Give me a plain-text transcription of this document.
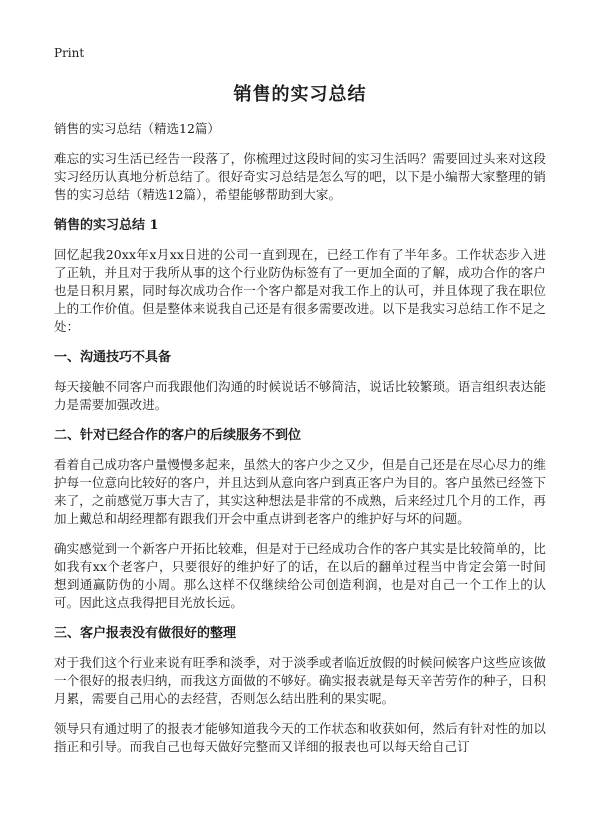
Print
销售的实习总结
销售的实习总结（精选12篇）

难忘的实习生活已经告一段落了，你梳理过这段时间的实习生活吗？需要回过头来对这段实习经历认真地分析总结了。很好奇实习总结是怎么写的吧，以下是小编帮大家整理的销售的实习总结（精选12篇），希望能够帮助到大家。

销售的实习总结 1

回忆起我20xx年x月xx日进的公司一直到现在，已经工作有了半年多。工作状态步入进了正轨，并且对于我所从事的这个行业防伪标签有了一更加全面的了解，成功合作的客户也是日积月累，同时每次成功合作一个客户都是对我工作上的认可，并且体现了我在职位上的工作价值。但是整体来说我自己还是有很多需要改进。以下是我实习总结工作不足之处：

一、沟通技巧不具备

每天接触不同客户而我跟他们沟通的时候说话不够简洁，说话比较繁琐。语言组织表达能力是需要加强改进。

二、针对已经合作的客户的后续服务不到位

看着自己成功客户量慢慢多起来，虽然大的客户少之又少，但是自己还是在尽心尽力的维护每一位意向比较好的客户，并且达到从意向客户到真正客户为目的。客户虽然已经签下来了，之前感觉万事大吉了，其实这种想法是非常的不成熟，后来经过几个月的工作，再加上戴总和胡经理都有跟我们开会中重点讲到老客户的维护好与坏的问题。

确实感觉到一个新客户开拓比较难，但是对于已经成功合作的客户其实是比较简单的，比如我有xx个老客户，只要很好的维护好了的话，在以后的翻单过程当中肯定会第一时间想到通赢防伪的小周。那么这样不仅继续给公司创造利润，也是对自己一个工作上的认可。因此这点我得把目光放长远。

三、客户报表没有做很好的整理

对于我们这个行业来说有旺季和淡季，对于淡季或者临近放假的时候问候客户这些应该做一个很好的报表归纳，而我这方面做的不够好。确实报表就是每天辛苦劳作的种子，日积月累，需要自己用心的去经营，否则怎么结出胜利的果实呢。

领导只有通过明了的报表才能够知道我今天的工作状态和收获如何，然后有针对性的加以指正和引导。而我自己也每天做好完整而又详细的报表也可以每天给自己订
